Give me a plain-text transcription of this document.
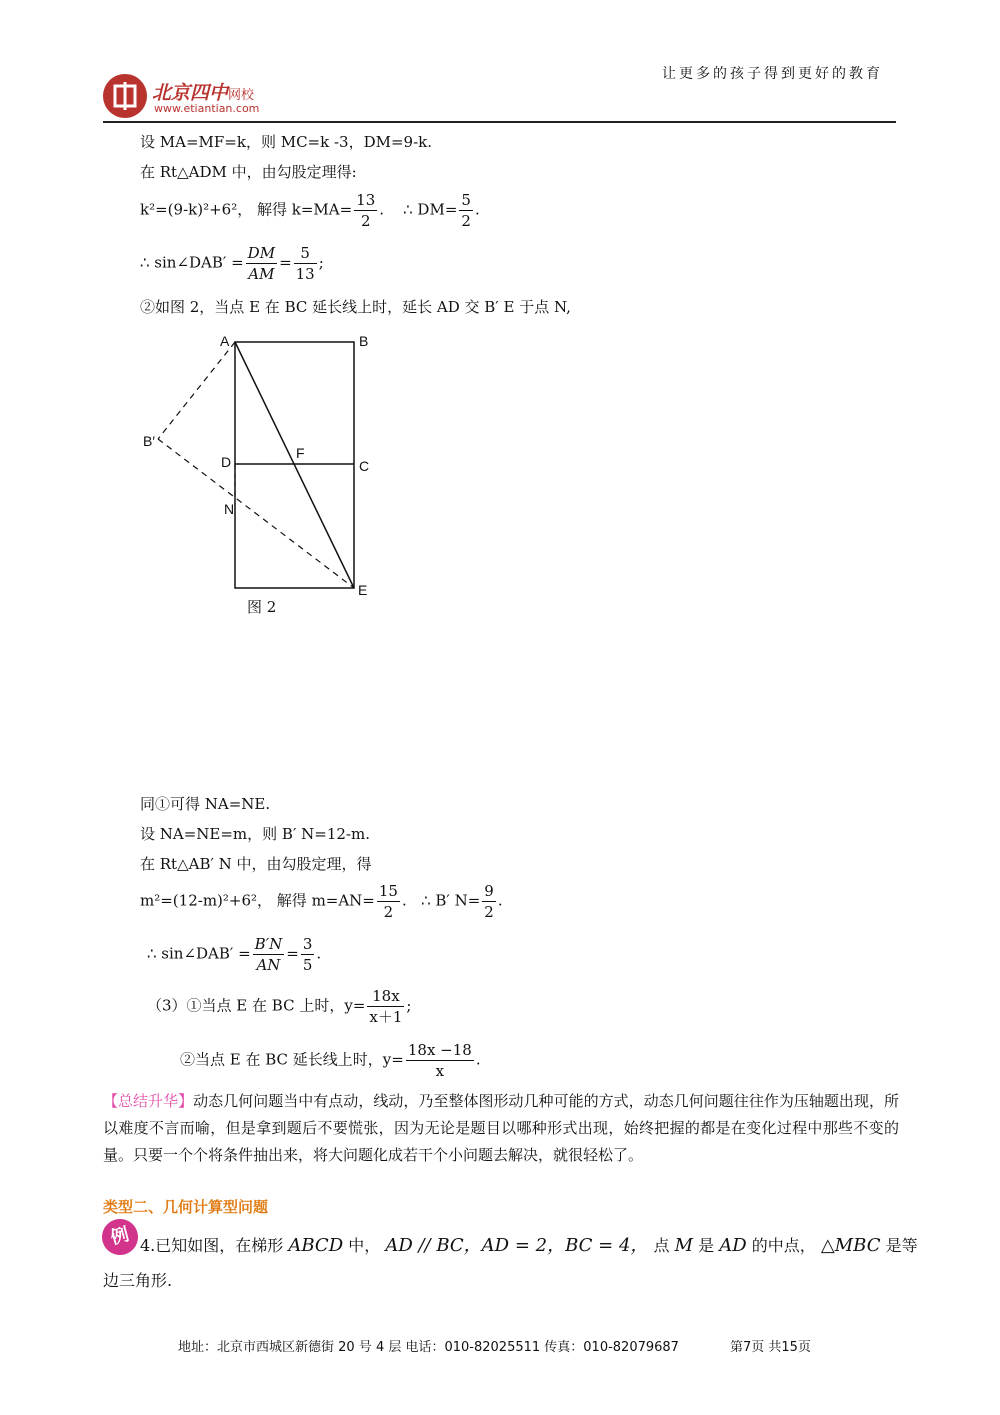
北京四中网校
www.etiantian.com
让更多的孩子得到更好的教育
设 MA=MF=k，则 MC=k -3，DM=9-k.
在 Rt△ADM 中，由勾股定理得:
k²=(9-k)²+6²， 解得 $k=MA= \frac{13}{2}$ . ∴ $DM= \frac{5}{2}$ .
∴ sin∠DAB′ = $\frac{DM}{AM} = \frac{5}{13}$ ;
②如图 2，当点 E 在 BC 延长线上时，延长 AD 交 B′ E 于点 N,
A	B
C
D
E
F
N
B′
图 2
同①可得 NA=NE.
设 NA=NE=m，则 B′ N=12-m.
在 Rt△AB′ N 中，由勾股定理，得
m²=(12-m)²+6²， 解得 $m=AN= \frac{15}{2}$ . ∴ B′ $N= \frac{9}{2}$ .
∴ sin∠DAB′ = $\frac{B'N}{AN} = \frac{3}{5}$ .
（3）①当点 E 在 BC 上时，$y= \frac{18x}{x+1}$ ;
②当点 E 在 BC 延长线上时，$y= \frac{18x -18}{x}$ .
【总结升华】动态几何问题当中有点动，线动，乃至整体图形动几种可能的方式，动态几何问题往往作为压轴题出现，所以难度不言而喻，但是拿到题后不要慌张，因为无论是题目以哪种形式出现，始终把握的都是在变化过程中那些不变的量。只要一个个将条件抽出来，将大问题化成若干个小问题去解决，就很轻松了。
类型二、几何计算型问题
例 4.已知如图，在梯形 ABCD 中， AD // BC，AD = 2，BC = 4， 点 M 是 AD 的中点， △MBC 是等
边三角形.
地址：北京市西城区新德街 20 号 4 层 电话：010-82025511 传真：010-82079687	第7页 共15页
